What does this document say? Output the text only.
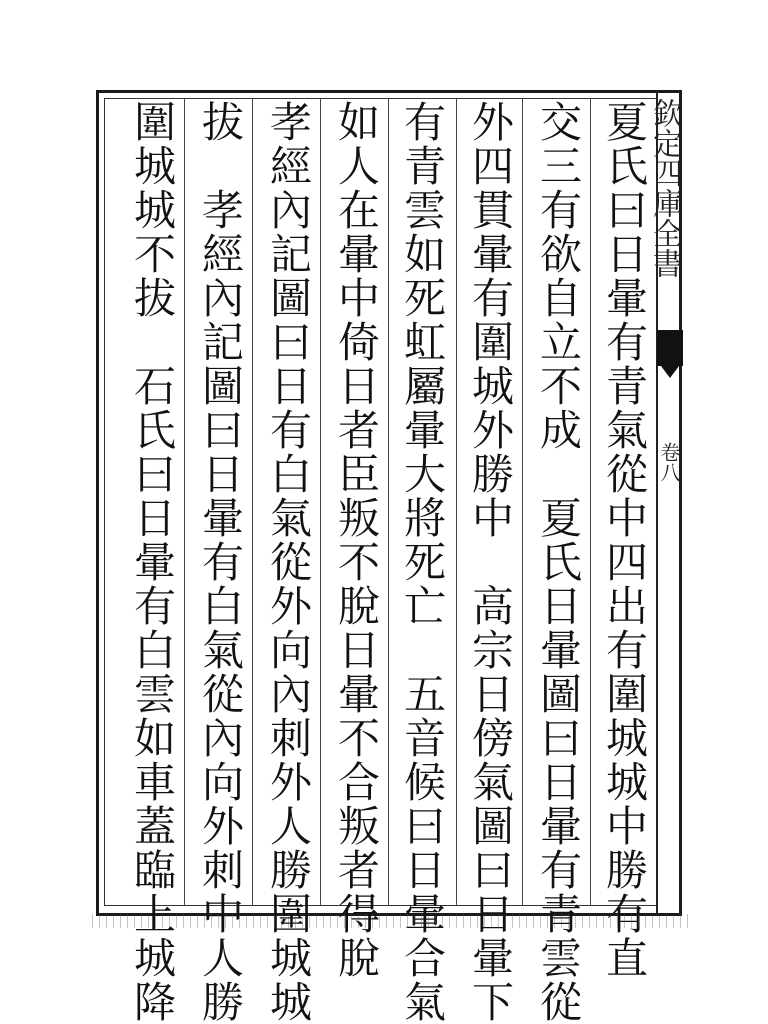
欽定四庫全書
卷八
夏氏曰日暈有青氣從中四出有圍城城中勝有直
交三有欲自立不成　夏氏日暈圖曰日暈有青雲從
外四貫暈有圍城外勝中　高宗日傍氣圖曰日暈下
有青雲如死虹屬暈大將死亡　五音候曰日暈合氣
如人在暈中倚日者臣叛不脫日暈不合叛者得脫
孝經內記圖曰日有白氣從外向內刺外人勝圍城城
拔　孝經內記圖曰日暈有白氣從內向外刺中人勝
圍城城不拔　石氏曰日暈有白雲如車蓋臨上城降
